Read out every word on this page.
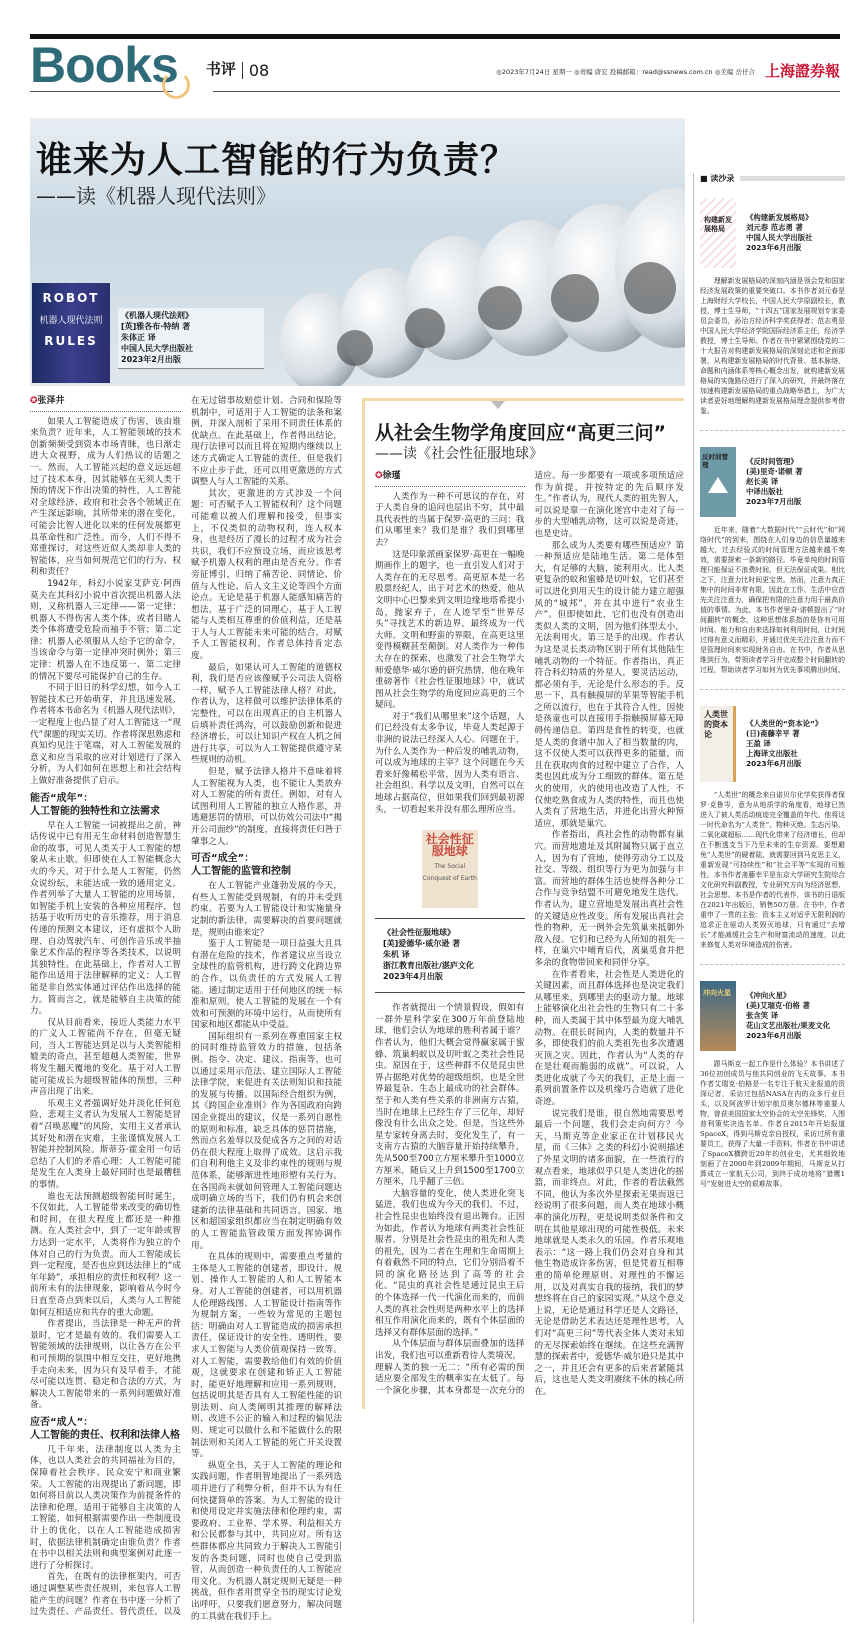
Books 书评 08	◎2023年7月24日 星期一 ◎责编 唐宏 投稿邮箱：read@ssnews.com.cn ◎美编 岳仔合 上海證券報
谁来为人工智能的行为负责？
——读《机器人现代法则》
ROBOT
机器人现代法则
RULES
《机器人现代法则》
[英]雅各布·特纳 著
朱体正 译
中国人民大学出版社
2023年2月出版
✪张泽井

如果人工智能造成了伤害，该由谁来负责？近年来，人工智能领域的技术创新频频受到资本市场青睐，也日渐走进大众视野，成为人们热议的话题之一。然而，人工智能兴起的意义远远超过了技术本身，因其能够在无须人类干预的情况下作出决策的特性，人工智能对全球经济、政府和社会各个领域正在产生深远影响，其所带来的潜在变化，可能会比智人进化以来的任何发展都更具革命性和广泛性。而今，人们不得不郑重探讨，对这些近似人类却非人类的智能体，应当如何规范它们的行为、权利和责任？

1942年，科幻小说家艾萨克·阿西莫夫在其科幻小说中首次提出机器人法则，又称机器人三定律——第一定律：机器人不得伤害人类个体，或者目睹人类个体将遭受危险而袖手不管；第二定律：机器人必须服从人给予它的命令，当该命令与第一定律冲突时例外；第三定律：机器人在不违反第一、第二定律的情况下要尽可能保护自己的生存。

不同于旧日的科学幻想，如今人工智能技术已开始萌芽，并且迅速发展。作者将本书命名为《机器人现代法则》，一定程度上也凸显了对人工智能这一“现代”课题的现实关切。作者将深思熟虑和真知灼见注于笔端，对人工智能发展的意义和应当采取的应对计划进行了深入分析，为人们如何在思想上和社会结构上做好准备提供了启示。

能否“成年”：
人工智能的独特性和立法需求

早在人工智能一词被提出之前，神话传说中已有用无生命材料创造智慧生命的故事，可见人类关于人工智能的想象从未止歇。但即使在人工智能概念大火的今天，对于什么是人工智能，仍然众说纷纭，未能达成一致的通用定义。作者列举了大量人工智能的应用场景，如智能手机上安装的各种应用程序，包括基于收听历史的音乐推荐，用于消息传递的预测文本建议，还有虚拟个人助理、自动驾驶汽车、可创作音乐或半抽象艺术作品的程序等各类技术，以说明其独特性。在此基础上，作者对人工智能作出适用于法律解释的定义：人工智能是非自然实体通过评估作出选择的能力。简而言之，就是能够自主决策的能力。

仅从目前看来，接近人类能力水平的广义人工智能尚不存在，但毫无疑问，当人工智能达到足以与人类智能相媲美的奇点，甚至超越人类智能，世界将发生翻天覆地的变化。基于对人工智能可能成长为超级智能体的预想，三种声音出现了出来。

乐观主义者强调好处并淡化任何危险，悲观主义者认为发展人工智能是冒着“召唤恶魔”的风险，实用主义者承认其好处和潜在灾难，主张谨慎发展人工智能并控制风险。斯蒂芬·霍金用一句话总结了人们的矛盾心理：人工智能可能是发生在人类身上最好同时也是最糟糕的事情。

谁也无法预测超级智能何时诞生，不仅如此，人工智能带来改变的确切性和时间，在很大程度上都还是一种推测。在人类社会中，到了一定年龄或智力达到一定水平，人类将作为独立的个体对自己的行为负责。而人工智能成长到一定程度，是否也应到达法律上的“成年年龄”，承担相应的责任和权利？这一前所未有的法律现象，影响着从今时今日直至奇点到来以后，人类与人工智能如何互相适应和共存的重大命题。

作者提出，当法律是一种无声的背景时，它才是最有效的。我们需要人工智能领域的法律规则，以让各方在公平和可预期的氛围中相互交往，更好地携手走向未来，因为只有及早着手，才能尽可能以连贯、稳定和合法的方式，为解决人工智能带来的一系列问题做好准备。

应否“成人”：
人工智能的责任、权利和法律人格

几千年来，法律制度以人类为主体，也以人类社会的共同福祉为目的，保障着社会秩序、民众安宁和商业繁荣。人工智能的出现提出了新问题，即如何将目前以人类决策作为前提条件的法律和伦理，适用于能够自主决策的人工智能，如何根据需要作出一些制度设计上的优化，以在人工智能造成损害时，依据法律机制确定由谁负责？作者在书中以相关法则和典型案例对此逐一进行了分析探讨。

首先，在既有的法律框架内，可否通过调整某些责任规则，来包容人工智能产生的问题？作者在书中逐一分析了过失责任、产品责任、替代责任，以及在无过错事故赔偿计划、合同和保险等机制中，可适用于人工智能的法条和案例，并深入剖析了采用不同责任体系的优缺点。在此基础上，作者得出结论，现行法律可以而且将在短期内继续以上述方式确定人工智能的责任，但是我们不应止步于此，还可以用更激进的方式调整人与人工智能的关系。

其次，更激进的方式涉及一个问题：可否赋予人工智能权利？这个问题可能难以被人们理解和接受，但事实上，不仅类似的动物权利，连人权本身，也是经历了漫长的过程才成为社会共识，我们不应预设立场，而应该思考赋予机器人权利的理由是否充分。作者旁征博引，归纳了痛苦论、同情论、价值与人性论、后人文主义论等四个方面论点。无论是基于机器人能感知痛苦的想法，基于广泛的同理心，基于人工智能与人类相互尊重的价值利益，还是基于人与人工智能未来可能的结合，对赋予人工智能权利，作者总体持肯定态度。

最后，如果认可人工智能的道德权利，我们是否应该像赋予公司法人资格一样，赋予人工智能法律人格？对此，作者认为，这样做可以维护法律体系的完整性，可以在出现真正的自主机器人后填补责任鸿沟，可以鼓励创新和促进经济增长，可以让知识产权在人机之间进行共享，可以为人工智能提供遵守某些规则的动机。

但是，赋予法律人格并不意味着将人工智能视为人类，也不能让人类放弃对人工智能的所有责任。例如，对有人试图利用人工智能的独立人格作恶，并逃避惩罚的情形，可以仿效公司法中“揭开公司面纱”的制度，直接将责任归咎于肇事之人。

可否“成全”：
人工智能的监管和控制

在人工智能产业蓬勃发展的今天，有些人工智能受到规制，有的并未受到约束。若要为人工智能设计和实施量身定制的新法律，需要解决的首要问题就是，规则由谁来定？

鉴于人工智能是一项日益强大且具有潜在危险的技术，作者建议应当设立全球性的监管机构，进行跨文化跨边界的合作，以负责任的方式发展人工智能。通过制定适用于任何地区的统一标准和原则，使人工智能的发展在一个有效和可预测的环境中运行，从而使所有国家和地区都能从中受益。

国际组织有一系列在尊重国家主权的同时维持监管效力的措施，包括条例、指令、决定、建议、指南等，也可以通过采用示范法、建立国际人工智能法律学院，来促进有关法则知识和技能的发展与传播。以国际经合组织为例，其《跨国企业准则》作为各国政府向跨国企业提出的建议，仅是一系列自愿性的原则和标准，缺乏具体的惩罚措施，然而点名羞辱以及促成各方之间的对话仍在很大程度上取得了成效。这启示我们自利利他主义及非约束性的规则与规范体系，能够渐进性地形塑有关行为。在各国尚未就如何管理人工智能问题达成明确立场的当下，我们仍有机会来创建新的法律基础和共同语言，国家、地区和超国家组织都应当在制定明确有效的人工智能监管政策方面发挥协调作用。

在具体的规则中，需要重点考量的主体是人工智能的创建者，即设计、规划、操作人工智能的人和人工智能本身。对人工智能的创建者，可以用机器人伦理路线图、人工智能设计指南等作为规制方案，一些较为常见的主题包括：明确由对人工智能造成的损害承担责任，保证设计的安全性、透明性，要求人工智能与人类价值观保持一致等。对人工智能，需要教给他们有效的价值观，这就要求在创建和矫正人工智能时，能更好地理解和应用一系列规则，包括说明其是否具有人工智能性能的识别法则、向人类阐明其推理的解释法则、改进不公正的输入和过程的偏见法则、规定可以做什么和不能做什么的限制法则和关闭人工智能的死亡开关设置等。

纵览全书，关于人工智能的理论和实践问题，作者明智地提出了一系列选项并进行了利弊分析，但并不认为有任何快捷简单的答案。为人工智能的设计和使用设定并实施法律和伦理约束，需要政府、工业界、学术界、利益相关方和公民都参与其中，共同应对。所有这些群体都应共同致力于解决人工智能引发的各类问题，同时也使自己受到监管，从而创造一种负责任的人工智能应用文化。为机器人制定规则无疑是一种挑战，但作者用贯穿全书的现实讨论发出呼吁，只要我们愿意努力，解决问题的工具就在我们手上。

从社会生物学角度回应“高更三问”
——读《社会性征服地球》
✪徐瑾

人类作为一种不可思议的存在，对于人类自身的追问也层出不穷，其中最具代表性的当属于保罗·高更的三问：我们从哪里来？我们是谁？我们到哪里去？

这是印象派画家保罗·高更在一幅晚期画作上的题字，也一直引发人们对于人类存在的无尽思考。高更原本是一名股票经纪人，出于对艺术的热爱，他从文明中心巴黎来到文明边缘地塔希提小岛，抛家弃子，在人迹罕至“世界尽头”寻找艺术的新边界，最终成为一代大师。文明和野蛮的界限，在高更这里变得模糊甚至颠倒。对人类作为一种伟大存在的探索，也激发了社会生物学大师爱德华·威尔逊的研究热情，他在晚年重磅著作《社会性征服地球》中，就试图从社会生物学的角度回应高更的三个疑问。

对于“我们从哪里来”这个话题，人们已经没有太多争议，毕竟人类起源于非洲的说法已经深入人心。问题在于，为什么人类作为一种后发的哺乳动物，可以成为地球的主宰？这个问题在今天看来好像稀松平常，因为人类有语言、社会组织、科学以及文明，自然可以在地球占据高位，但如果我们回到最初源头，一切看起来并没有那么理所应当。

社会性征服地球
The Social Conquest of Earth
《社会性征服地球》
[美]爱德华·威尔逊 著
朱机 译
浙江教育出版社/湛庐文化
2023年4月出版

作者就提出一个情景假设，假如有一群外星科学家在300万年前登陆地球，他们会认为地球的胜利者属于谁？作者认为，他们大概会觉得赢家属于蜜蜂、筑巢蚂蚁以及切叶蚁之类社会性昆虫。原因在于，这些种群不仅是昆虫世界占据绝对优势的超级组织，也是全世界最复杂、生态上最成功的社会群体。至于和人类有些关系的非洲南方古猿，当时在地球上已经生存了三亿年，却好像没有什么出众之处。但是，当这些外星专家转身离去时，变化发生了，有一支南方古猿的大脑容量开始持续攀升，先从500至700立方厘米攀升至1000立方厘米，随后又上升到1500至1700立方厘米，几乎翻了三倍。

大脑容量的变化，使人类进化突飞猛进，我们也成为今天的我们。不过，社会性昆虫也始终没有退出舞台。正因为如此，作者认为地球有两类社会性征服者，分别是社会性昆虫的祖先和人类的祖先，因为二者在生理和生命周期上有着截然不同的特点，它们分别沿着不同的演化路径达到了高等的社会化。“昆虫的真社会性是通过昆虫王后的个体选择一代一代演化而来的，而前人类的真社会性则是两种水平上的选择相互作用演化而来的，既有个体层面的选择又有群体层面的选择。”

从个体层面与群体层面叠加的选择出发，我们也可以重新看待人类境况，

理解人类的独一无二：“所有必需的预适应要全部发生的概率实在太低了。每一个演化步骤，其本身都是一次充分的适应。每一步都要有一项或多项预适应作为前提，并按特定的先后顺序发生。”作者认为，现代人类的祖先智人，可以说是靠一在演化迷宫中走对了每一步的大型哺乳动物，这可以说是奇迹，也是史诗。

那么成为人类要有哪些预适应？第一种预适应是陆地生活。第二是体型大，有足够的大脑，能利用火。比人类更复杂的蚁和蜜蜂是切叶蚁，它们甚至可以进化到用天生的设计能力建立超强风的“城邦”，并在其中进行“农业生产”。但即使如此，它们也没有创造出类似人类的文明，因为他们体型太小，无法利用火。第三是手的出现。作者认为这是灵长类动物区别于所有其他陆生哺乳动物的一个特征。作者指出，真正符合科幻特质的外星人，要灵活运动，都必须有手，无论是什么形态的手。反思一下，具有触摸屏的苹果等智能手机之所以流行，也在于其符合人性，因使是孩童也可以直接用手指触摸屏幕无障碍传递信息。第四是食性的转变，也就是人类的食谱中加入了相当数量的肉，这不仅使人类可以获得更多的能量，而且在获取肉食的过程中建立了合作，人类也因此成为分工细致的群体。第五是火的使用，火的使用也改造了人性，不仅使吃熟食成为人类的特性，而且也使人类有了营地生活，并进化出营火种预适应，那就是巢穴。

作者指出，真社会性的动物都有巢穴。而营地遗址及其附属物只属于直立人，因为有了营地，使得劳动分工以及社交、等级、组织等行为更为加强与丰富。而营地的群体生活也使得各种分工合作与竞争结盟不可避免地发生迭代。作者认为，建立营地是发展出真社会性的关键适应性改变。所有发展出真社会性的物种，无一例外会先筑巢来抵御外敌入侵。它们和已经为人所知的祖先一样，在巢穴中哺育后代，离巢觅食并把多余的食物带回来和同伴分享。

在作者看来，社会性是人类进化的关键因素，而且群体选择也是决定我们从哪里来，到哪里去的驱动力量。地球上能够演化出社会性的生物只有二十多种，而人类属于其中体型最为庞大哺乳动物。在很长时间内，人类的数量并不多，即使我们的前人类祖先也多次遭遇灭顶之灾。因此，作者认为“人类的存在是壮观而脆弱的成就”。可以说，人类进化成就了今天的我们，正是上面一系列前置条件以及机缘巧合造就了进化奇迹。

说完我们是谁，很自然地需要思考最后一个问题，我们会走向何方？今天，马斯克等企业家正在计划移民火星，而《三体》之类的科幻小说则描述了外星文明的诸多面貌，在一些流行的观点看来，地球似乎只是人类进化的摇篮，而非终点。对此，作者的看法截然不同，他认为多次外星探索无果而返已经说明了很多问题，而人类在地球小概率的演化历程，更是说明类似条件和文明在其他星球出现的可能性极低。未来地球就是人类永久的乐园。作者乐观地表示：“这一路上我们仍会对自身和其他生物造成许多伤害，但是凭着互相尊重的简单伦理原则、对理性的不懈运用，以及对真实自我的接纳，我们的梦想终将在自己的家园实现。”从这个意义上说，无论是通过科学还是人文路径，无论是借助艺术表达还是理性思考，人们对“高更三问”等代表全体人类对未知的无尽探索始终在继续。在这些充满智慧的探索者中，爱德华·威尔逊只是其中之一，并且还会有更多的后来者紧随其后，这也是人类文明赓续不休的核心所在。

■ 读沙录
构建新发展格局
《构建新发展格局》
刘元春 范志勇 著
中国人民大学出版社
2023年6月出版
理解新发展格局的深刻内涵是领会党和国家经济发展政策的重要突破口。本书作者刘元春是上海财经大学校长，中国人民大学原副校长，教授，博士生导师，“十四五”国家发展规划专家委员会委员，孙冶方经济科学奖获得者；范志勇是中国人民大学经济学院国际经济系主任，经济学教授，博士生导师。作者在书中紧紧围绕党的二十大报告对构建新发展格局的深刻论述和全面部署，从构建新发展格局的时代背景、基本脉络、命题和内涵体系等核心概念出发，就构建新发展格局的实施路径进行了深入的研究，并最终落在加速构建新发展格局的重点战略举措上，为广大读者更好地理解构建新发展格局理念提供参考借鉴。
反时间管理	《反时间管理》
(美)里奇·诺顿 著
赵长美 译
中译出版社
2023年7月出版
近年来，随着“大数据时代”“云时代”和“网络时代”的到来，围绕在人们身边的信息量越来越大，过去经验式的时间管理方法越来越不奏效，需要探索一条新的路径。毕竟单纯的时间管理只能保证不浪费时间，但无法保证成果。相比之下，注意力比时间更宝贵。然而，注意力真正集中的时间非常有限，因此在工作、生活中应首先关注注意力，确保把有限的注意力用于最高价值的事情。为此，本书作者里奇·诺顿提出了“时间翻转”的概念，这种思想体系指的是你有可用时间、能力和自由来选择如何利用时间，让时间过得有意义而精彩，并通过优先关注注意力而不是管理时间来实现财务自由。在书中，作者从思维到行为，带领读者学习并完成整个时间翻转的过程，帮助读者学习如何为优先事项腾出时间。
人类世的资本论
《人类世的“资本论”》
(日)斋藤幸平 著
王盈 译
上海译文出版社
2023年6月出版
“人类世”的概念来自诺贝尔化学奖获得者保罗·克鲁岑，意为从地质学的角度看，地球已然进入了被人类活动痕迹完全覆盖的年代。他将这一时代命名为“人类世”。物种灭绝、生态污染、二氧化碳超标……现代化带来了经济增长，但却在不断透支当下乃至未来的生存资源。要想避免“人类世”的硬着陆，就需要回到马克思主义，重新发现“可持续性”和“社会平等”实现的可能性。本书作者斋藤幸平是东京大学研究生院综合文化研究科副教授，专业研究方向为经济思想、社会思想。本书是作者的代表作，该书的日语版在2021年出版后，销售50万册。在书中，作者重申了一贯的主张：资本主义对适乎无限利润的追求正在驱动人类毁灭地球，只有通过“去增长”才能减缓社会生产和财富流动的速度，以此来修复人类对环境造成的伤害。
冲向火星	《冲向火星》
(美)艾瑞克·伯格 著
张含笑 译
花山文艺出版社/果麦文化
2023年6月出版
跟马斯克一起工作是什么体验？本书讲述了36位初创成员与他共同创业的飞天故事。本书作者艾瑞克·伯格是一名专注于航天业报道的资深记者，采访过包括NASA在内的众多行业巨头，以及阿波罗计划宇航员奥尔德林等重要人物，曾获美国国家太空协会的太空先锋奖，入围普利策奖决选名单。作者自2015年开始报道SpaceX，得到马斯克亲自授权，采访过所有重要员工，获得了大量一手资料。作者在书中讲述了SpaceX横跨近20年的创业史，尤其细致地刻画了在2000年到2009年期间，马斯克从打算成立一家航天公司，到终于成功地将“猎鹰1号”发射进太空的艰难故事。
